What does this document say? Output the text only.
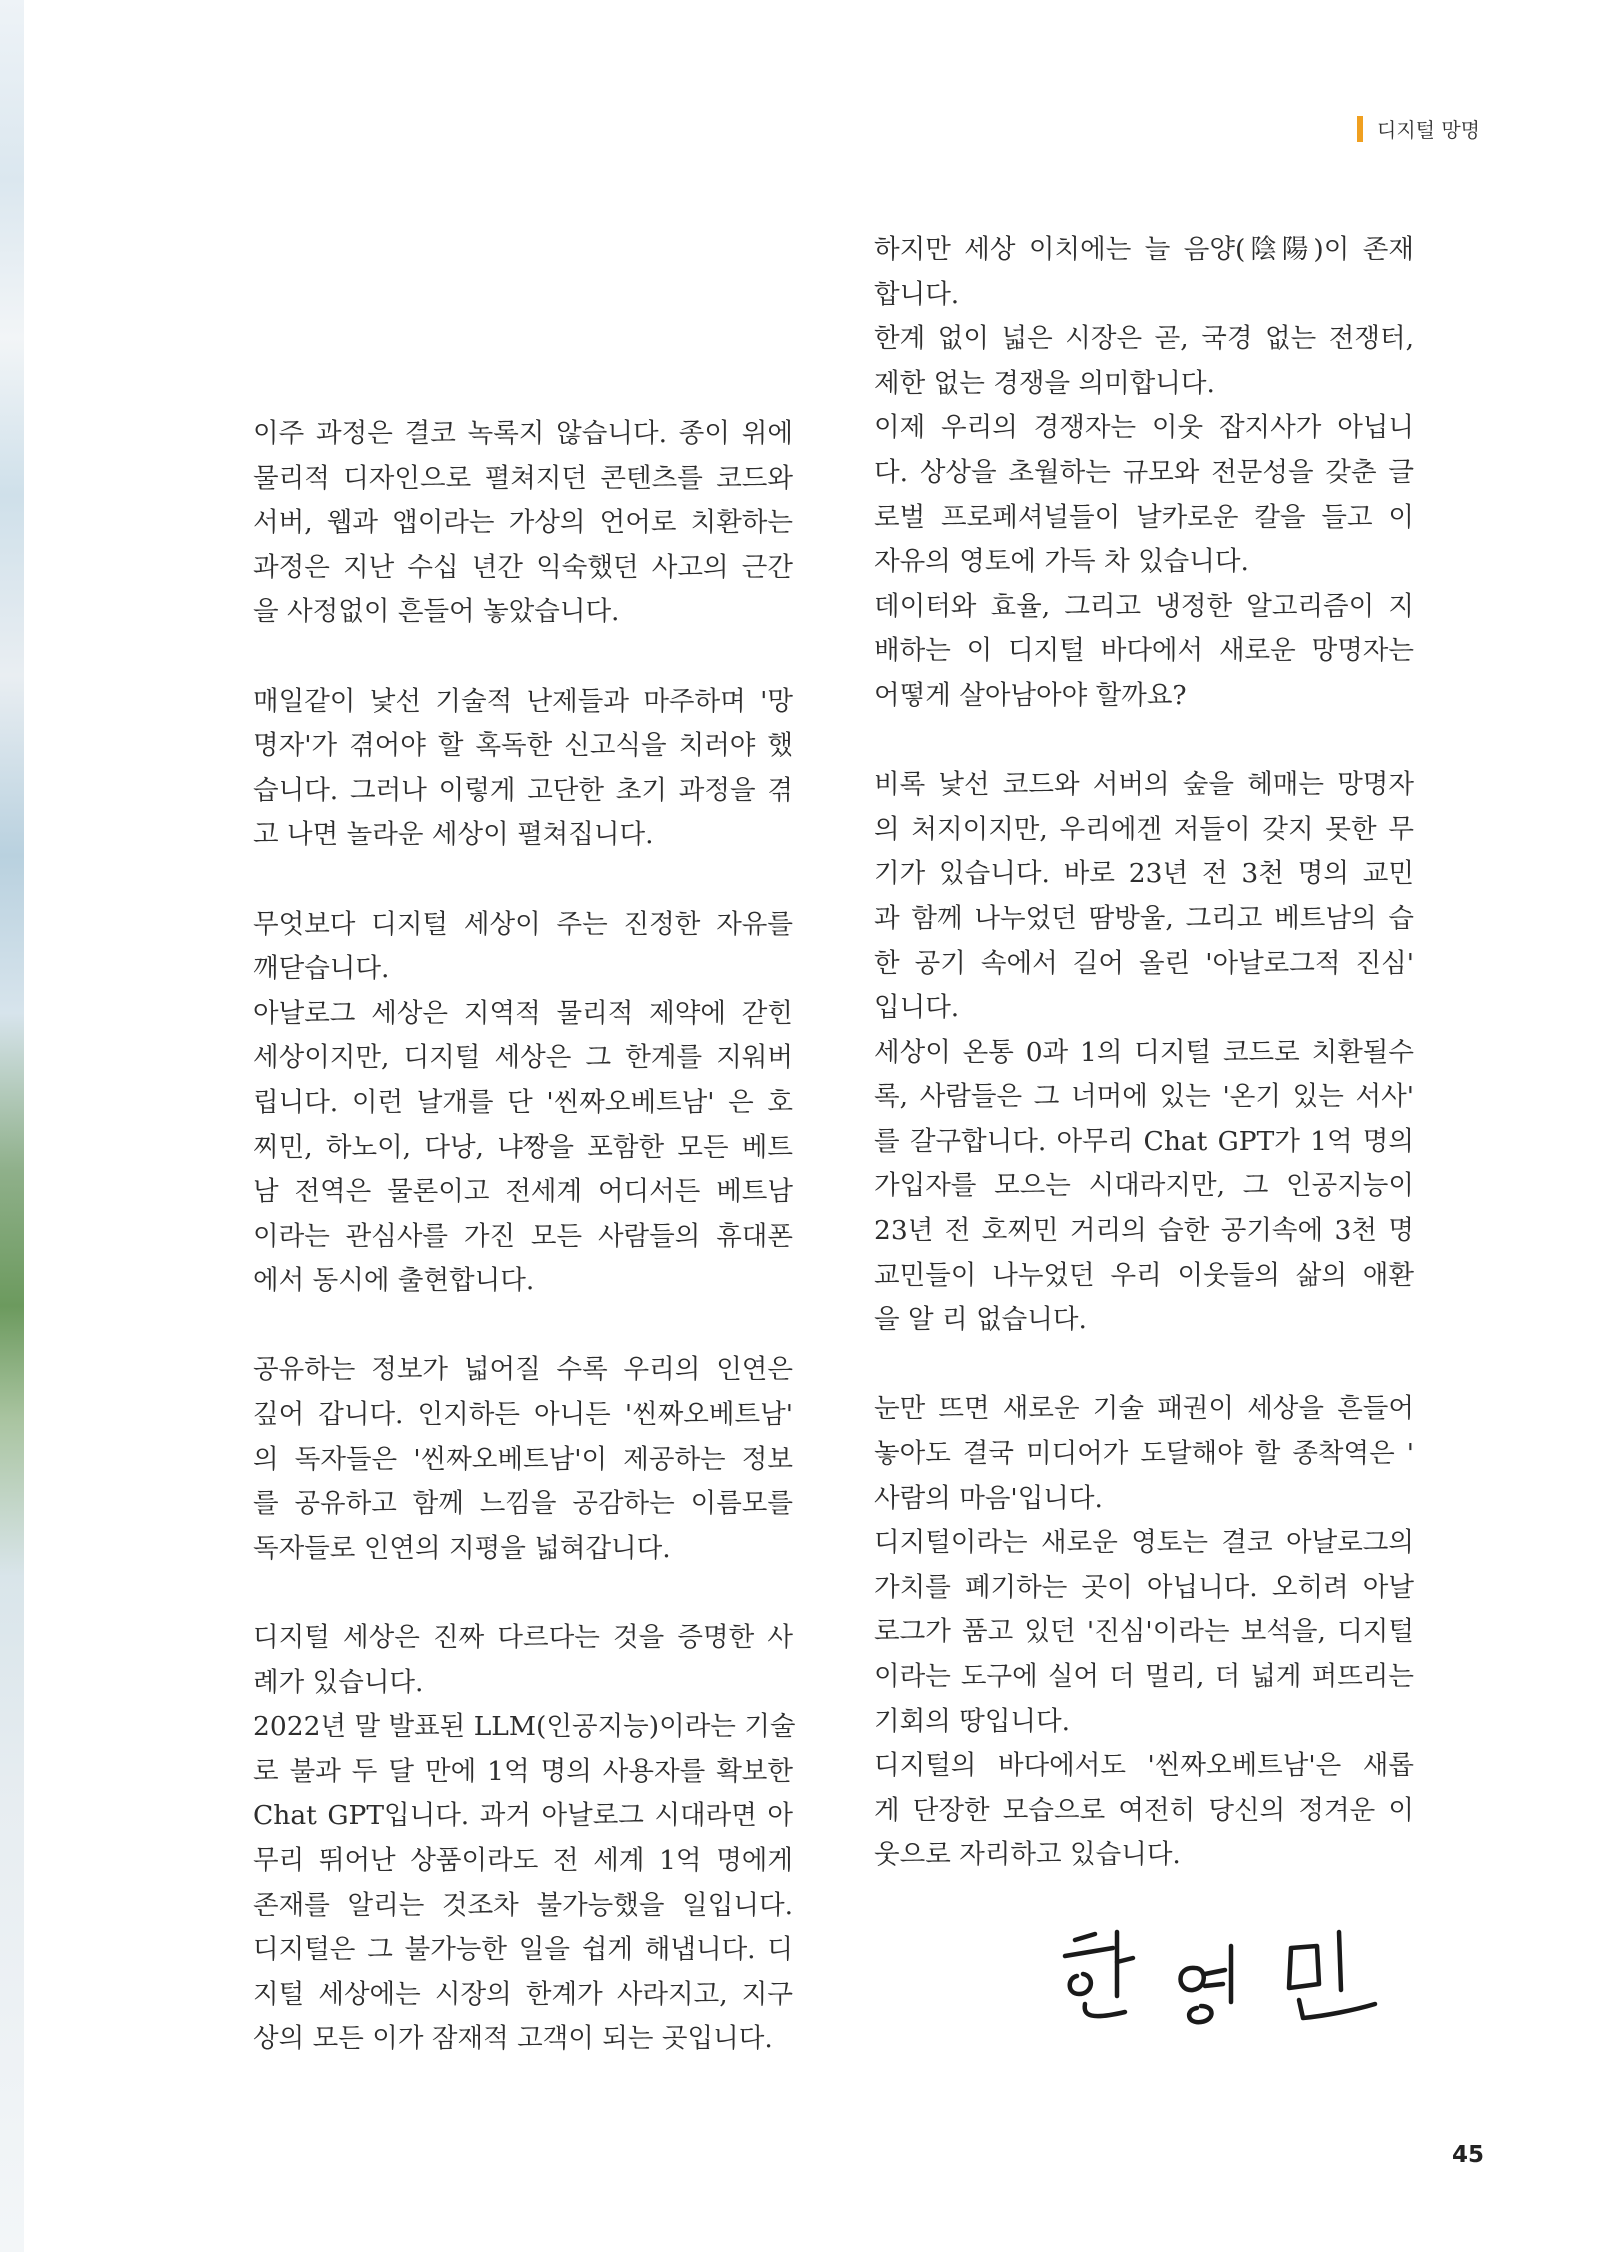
디지털 망명
이주 과정은 결코 녹록지 않습니다. 종이 위에
물리적 디자인으로 펼쳐지던 콘텐츠를 코드와
서버, 웹과 앱이라는 가상의 언어로 치환하는
과정은 지난 수십 년간 익숙했던 사고의 근간
을 사정없이 흔들어 놓았습니다.
매일같이 낯선 기술적 난제들과 마주하며 '망
명자'가 겪어야 할 혹독한 신고식을 치러야 했
습니다. 그러나 이렇게 고단한 초기 과정을 겪
고 나면 놀라운 세상이 펼쳐집니다.
무엇보다 디지털 세상이 주는 진정한 자유를
깨닫습니다.
아날로그 세상은 지역적 물리적 제약에 갇힌
세상이지만, 디지털 세상은 그 한계를 지워버
립니다. 이런 날개를 단 '씬짜오베트남' 은 호
찌민, 하노이, 다낭, 냐짱을 포함한 모든 베트
남 전역은 물론이고 전세계 어디서든 베트남
이라는 관심사를 가진 모든 사람들의 휴대폰
에서 동시에 출현합니다.
공유하는 정보가 넓어질 수록 우리의 인연은
깊어 갑니다. 인지하든 아니든 '씬짜오베트남'
의 독자들은 '씬짜오베트남'이 제공하는 정보
를 공유하고 함께 느낌을 공감하는 이름모를
독자들로 인연의 지평을 넓혀갑니다.
디지털 세상은 진짜 다르다는 것을 증명한 사
례가 있습니다.
2022년 말 발표된 LLM(인공지능)이라는 기술
로 불과 두 달 만에 1억 명의 사용자를 확보한
Chat GPT입니다. 과거 아날로그 시대라면 아
무리 뛰어난 상품이라도 전 세계 1억 명에게
존재를 알리는 것조차 불가능했을 일입니다.
디지털은 그 불가능한 일을 쉽게 해냅니다. 디
지털 세상에는 시장의 한계가 사라지고, 지구
상의 모든 이가 잠재적 고객이 되는 곳입니다.
하지만 세상 이치에는 늘 음양(陰陽)이 존재
합니다.
한계 없이 넓은 시장은 곧, 국경 없는 전쟁터,
제한 없는 경쟁을 의미합니다.
이제 우리의 경쟁자는 이웃 잡지사가 아닙니
다. 상상을 초월하는 규모와 전문성을 갖춘 글
로벌 프로페셔널들이 날카로운 칼을 들고 이
자유의 영토에 가득 차 있습니다.
데이터와 효율, 그리고 냉정한 알고리즘이 지
배하는 이 디지털 바다에서 새로운 망명자는
어떻게 살아남아야 할까요?
비록 낯선 코드와 서버의 숲을 헤매는 망명자
의 처지이지만, 우리에겐 저들이 갖지 못한 무
기가 있습니다. 바로 23년 전 3천 명의 교민
과 함께 나누었던 땀방울, 그리고 베트남의 습
한 공기 속에서 길어 올린 '아날로그적 진심'
입니다.
세상이 온통 0과 1의 디지털 코드로 치환될수
록, 사람들은 그 너머에 있는 '온기 있는 서사'
를 갈구합니다. 아무리 Chat GPT가 1억 명의
가입자를 모으는 시대라지만, 그 인공지능이
23년 전 호찌민 거리의 습한 공기속에 3천 명
교민들이 나누었던 우리 이웃들의 삶의 애환
을 알 리 없습니다.
눈만 뜨면 새로운 기술 패권이 세상을 흔들어
놓아도 결국 미디어가 도달해야 할 종착역은 '
사람의 마음'입니다.
디지털이라는 새로운 영토는 결코 아날로그의
가치를 폐기하는 곳이 아닙니다. 오히려 아날
로그가 품고 있던 '진심'이라는 보석을, 디지털
이라는 도구에 실어 더 멀리, 더 넓게 퍼뜨리는
기회의 땅입니다.
디지털의 바다에서도 '씬짜오베트남'은 새롭
게 단장한 모습으로 여전히 당신의 정겨운 이
웃으로 자리하고 있습니다.
45
